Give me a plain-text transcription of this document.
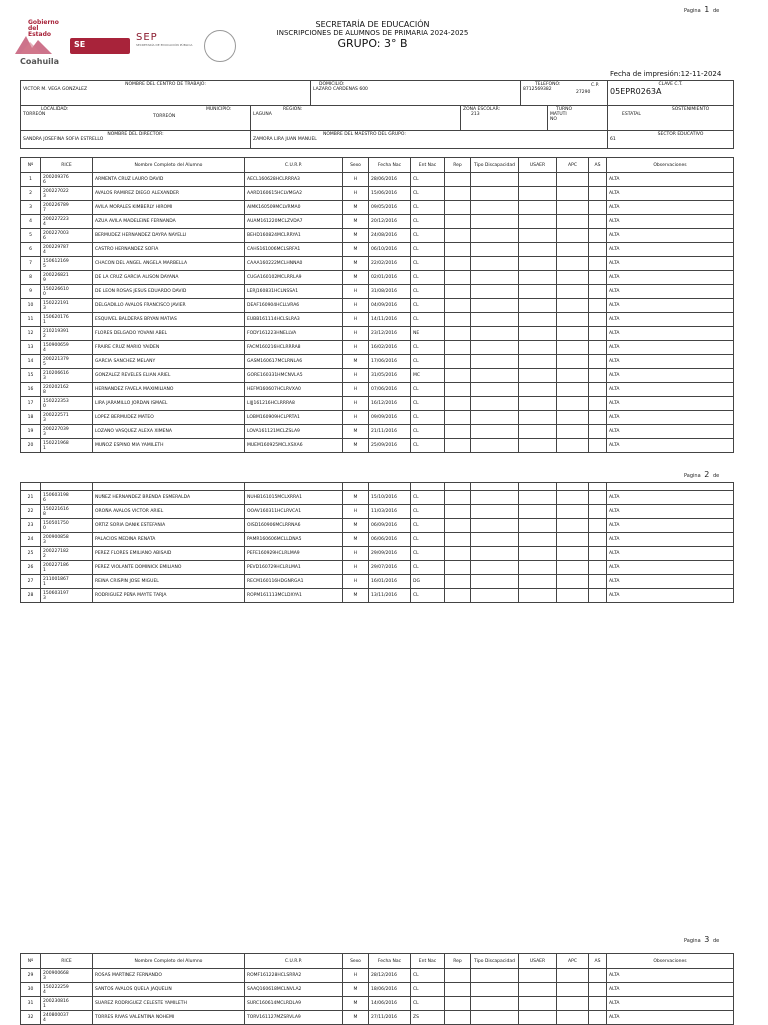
Pagina 1 de
Gobierno del Estado
Coahuila
SE
SEP
SECRETARÍA DE EDUCACIÓN PÚBLICA
SECRETARÍA DE EDUCACIÓN
INSCRIPCIONES DE ALUMNOS DE PRIMARIA 2024-2025
GRUPO: 3° B
Fecha de impresión:12-11-2024
NOMBRE DEL CENTRO DE TRABAJO:
VICTOR M. VEGA GONZALEZ		DOMICILIO:
LAZARO CARDENAS 600		TELEFONO:
8712569382
C.P.
27290		CLAVE C.T.
05EPR0263A

LOCALIDAD:
TORREÓN
MUNICIPIO:
TORREÓN	REGION:
LAGUNA		ZONA ESCOLAR:
213		TURNO
MATUTINO	SOSTENIMIENTO
ESTATAL

NOMBRE DEL DIRECTOR:
SANDRA JOSEFINA SOFIA ESTRELLO	NOMBRE DEL MAESTRO DEL GRUPO:
ZAMORA LIRA JUAN MANUEL					SECTOR EDUCATIVO
61
Nº	RICE	Nombre Completo del Alumno	C.U.R.P.	Sexo	Fecha Nac	Ent Nac	Rep	Tipo Discapacidad	USAER	APC	AS	Observaciones
1	200209376
6	ARMENTA CRUZ LAURO DAVID	AECL160628HCLRRRA3	H	28/06/2016	CL						ALTA
2	200227022
3	AVALOS RAMIREZ DIEGO ALEXANDER	AARD160615HCLVMGA2	H	15/06/2016	CL						ALTA
3	200226789
7	AVILA MORALES KIMBERLY HIROMI	AIMK160509MCLVRMA0	M	09/05/2016	CL						ALTA
4	200227223
4	AZUA AVILA MADELEINE FERNANDA	AUAM161220MCLZVDA7	M	20/12/2016	CL						ALTA
5	200227003
6	BERMUDEZ HERNANDEZ DAYRA NAYELLI	BEHD160824MCLRRYA1	M	24/08/2016	CL						ALTA
6	200229787
4	CASTRO HERNANDEZ SOFIA	CAHS161006MCLSRFA1	M	06/10/2016	CL						ALTA
7	150612169
5	CHACON DEL ANGEL ANGELA MARBELLA	CAAA160222MCLHNNA0	M	22/02/2016	CL						ALTA
8	200226821
9	DE LA CRUZ GARCIA ALISON DAYANA	CUGA160102MCLRRLA9	M	02/01/2016	CL						ALTA
9	150226610
0	DE LEON ROSAS JESUS EDUARDO DAVID	LERJ160831HCLNSSA1	H	31/08/2016	CL						ALTA
10	150222191
3	DELGADILLO AVALOS FRANCISCO JAVIER	DEAF160904HCLLVRA6	H	04/09/2016	CL						ALTA
11	150620176
1	ESQUIVEL BALDERAS BRYAN MATIAS	EUBB161114HCLSLRA3	H	14/11/2016	CL						ALTA
12	210219391
2	FLORES DELGADO YOVANI ABEL	FODY161223HNELLVA	H	23/12/2016	NE						ALTA
13	150900659
4	FRAIRE CRUZ MARIO YAIDEN	FACM160216HCLRRRA8	H	16/02/2016	CL						ALTA
14	200221379
5	GARCIA SANCHEZ MELANY	GASM160617MCLRNLA6	M	17/06/2016	CL						ALTA
15	210206616
3	GONZALEZ REVELES ELIAN ARIEL	GORE160331HMCNVLA5	H	31/05/2016	MC						ALTA
16	220202162
8	HERNANDEZ FAVELA MAXIMILIANO	HEFM160607HCLRVXA0	H	07/06/2016	CL						ALTA
17	150222353
0	LIRA JARAMILLO JORDAN ISMAEL	LIJJ161216HCLRRRA8	H	16/12/2016	CL						ALTA
18	200222571
3	LOPEZ BERMUDEZ MATEO	LOBM160909HCLPRTA1	H	09/09/2016	CL						ALTA
19	200227039
3	LOZANO VASQUEZ ALEXA XIMENA	LOVA161121MCLZSLA9	M	21/11/2016	CL						ALTA
20	150221968
1	MUÑOZ ESPINO MIA YAMILETH	MUEM160925MCLXSXA6	M	25/09/2016	CL						ALTA
Pagina 2 de

21	150603198
6	NUÑEZ HERNANDEZ BRENDA ESMERALDA	NUHB161015MCLXRRA1	M	15/10/2016	CL						ALTA
22	150221616
8	OROÑA AVALOS VICTOR ARIEL	OOAV160311HCLRVCA1	H	11/03/2016	CL						ALTA
23	150501750
0	ORTIZ SORIA DANIK ESTEFANIA	OISD160906MCLRRNA6	M	06/09/2016	CL						ALTA
24	200900858
3	PALACIOS MEDINA RENATA	PAMR160606MCLLDNA5	M	06/06/2016	CL						ALTA
25	200227182
2	PEREZ FLORES EMILIANO ABISAID	PEFE160929HCLRLMA9	H	29/09/2016	CL						ALTA
26	200227186
1	PEREZ VIOLANTE DOMINICK EMILIANO	PEVD160729HCLRLMA1	H	29/07/2016	CL						ALTA
27	211001867
1	REINA CRISPIN JOSE MIGUEL	RECM160116HDGNRGA1	H	16/01/2016	DG						ALTA
28	150603197
3	RODRIGUEZ PEÑA MAYTE TARJA	ROPM161113MCLDXYA1	M	13/11/2016	CL						ALTA
Pagina 3 de
Nº	RICE	Nombre Completo del Alumno	C.U.R.P.	Sexo	Fecha Nac	Ent Nac	Rep	Tipo Discapacidad	USAER	APC	AS	Observaciones
29	200900668
3	ROSAS MARTINEZ FERNANDO	ROMF161228HCLSRRA2	H	28/12/2016	CL						ALTA
30	150222259
4	SANTOS AVALOS QUELA JAQUELIN	SAAQ160618MCLNVLA2	M	18/06/2016	CL						ALTA
31	200230816
1	SUAREZ RODRIGUEZ CELESTE YAMILETH	SURC160614MCLRDLA9	M	14/06/2016	CL						ALTA
32	240800037
4	TORRES RIVAS VALENTINA NOHEMI	TORV161127MZSRVLA9	M	27/11/2016	ZS						ALTA
